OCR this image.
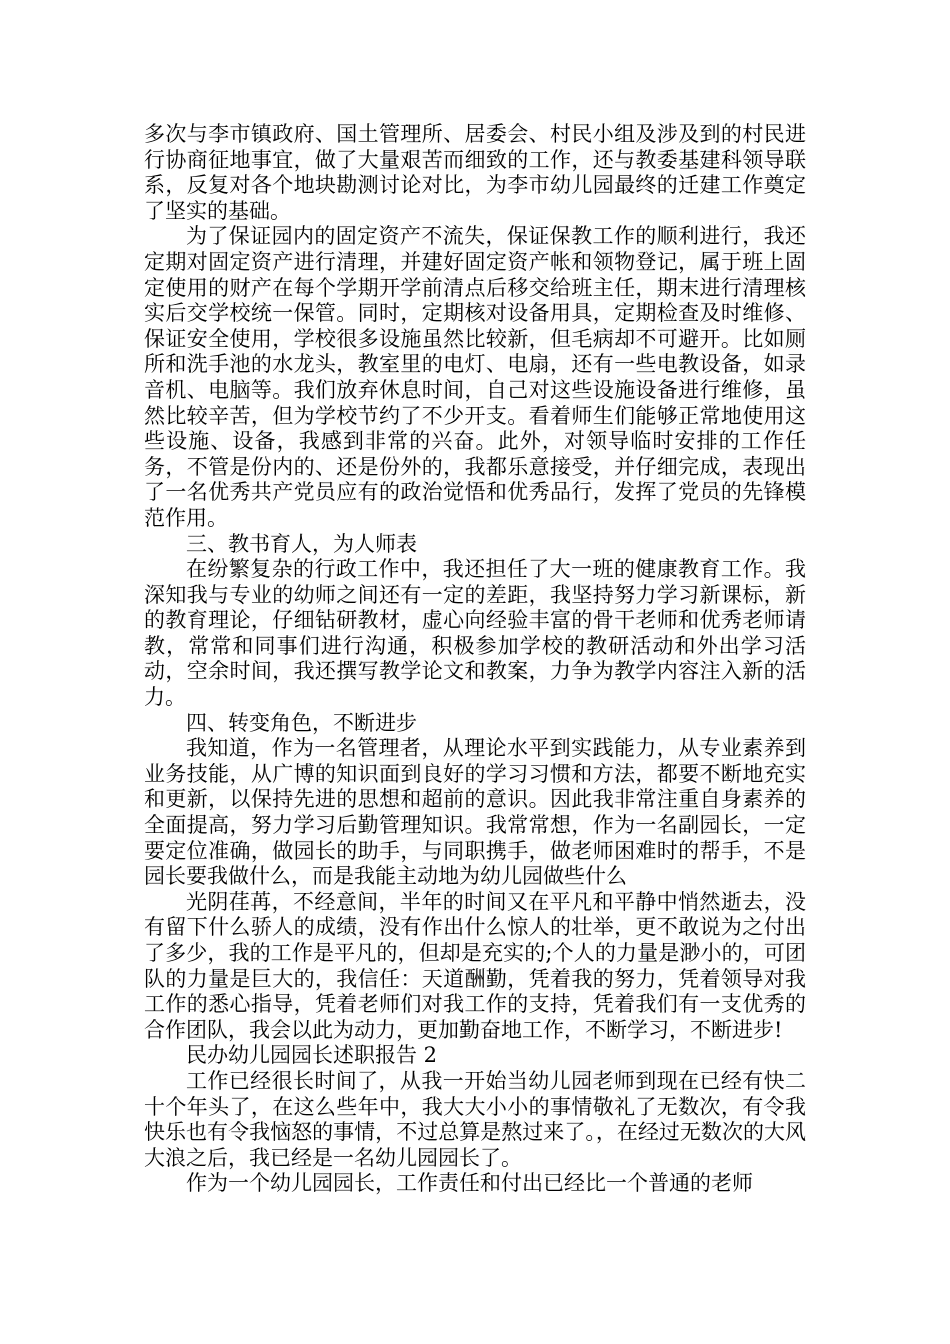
多次与李市镇政府、国土管理所、居委会、村民小组及涉及到的村民进行协商征地事宜，做了大量艰苦而细致的工作，还与教委基建科领导联系，反复对各个地块勘测讨论对比，为李市幼儿园最终的迁建工作奠定了坚实的基础。

为了保证园内的固定资产不流失，保证保教工作的顺利进行，我还定期对固定资产进行清理，并建好固定资产帐和领物登记，属于班上固定使用的财产在每个学期开学前清点后移交给班主任，期末进行清理核实后交学校统一保管。同时，定期核对设备用具，定期检查及时维修、保证安全使用，学校很多设施虽然比较新，但毛病却不可避开。比如厕所和洗手池的水龙头，教室里的电灯、电扇，还有一些电教设备，如录音机、电脑等。我们放弃休息时间，自己对这些设施设备进行维修，虽然比较辛苦，但为学校节约了不少开支。看着师生们能够正常地使用这些设施、设备，我感到非常的兴奋。此外，对领导临时安排的工作任务，不管是份内的、还是份外的，我都乐意接受，并仔细完成，表现出了一名优秀共产党员应有的政治觉悟和优秀品行，发挥了党员的先锋模范作用。

三、教书育人，为人师表

在纷繁复杂的行政工作中，我还担任了大一班的健康教育工作。我深知我与专业的幼师之间还有一定的差距，我坚持努力学习新课标，新的教育理论，仔细钻研教材，虚心向经验丰富的骨干老师和优秀老师请教，常常和同事们进行沟通，积极参加学校的教研活动和外出学习活动，空余时间，我还撰写教学论文和教案，力争为教学内容注入新的活力。

四、转变角色，不断进步

我知道，作为一名管理者，从理论水平到实践能力，从专业素养到业务技能，从广博的知识面到良好的学习习惯和方法，都要不断地充实和更新，以保持先进的思想和超前的意识。因此我非常注重自身素养的全面提高，努力学习后勤管理知识。我常常想，作为一名副园长，一定要定位准确，做园长的助手，与同职携手，做老师困难时的帮手，不是园长要我做什么，而是我能主动地为幼儿园做些什么

光阴荏苒，不经意间，半年的时间又在平凡和平静中悄然逝去，没有留下什么骄人的成绩，没有作出什么惊人的壮举，更不敢说为之付出了多少，我的工作是平凡的，但却是充实的;个人的力量是渺小的，可团队的力量是巨大的，我信任：天道酬勤，凭着我的努力，凭着领导对我工作的悉心指导，凭着老师们对我工作的支持，凭着我们有一支优秀的合作团队，我会以此为动力，更加勤奋地工作，不断学习，不断进步!

民办幼儿园园长述职报告 2

工作已经很长时间了，从我一开始当幼儿园老师到现在已经有快二十个年头了，在这么些年中，我大大小小的事情敬礼了无数次，有令我快乐也有令我恼怒的事情，不过总算是熬过来了。，在经过无数次的大风大浪之后，我已经是一名幼儿园园长了。

作为一个幼儿园园长，工作责任和付出已经比一个普通的老师
